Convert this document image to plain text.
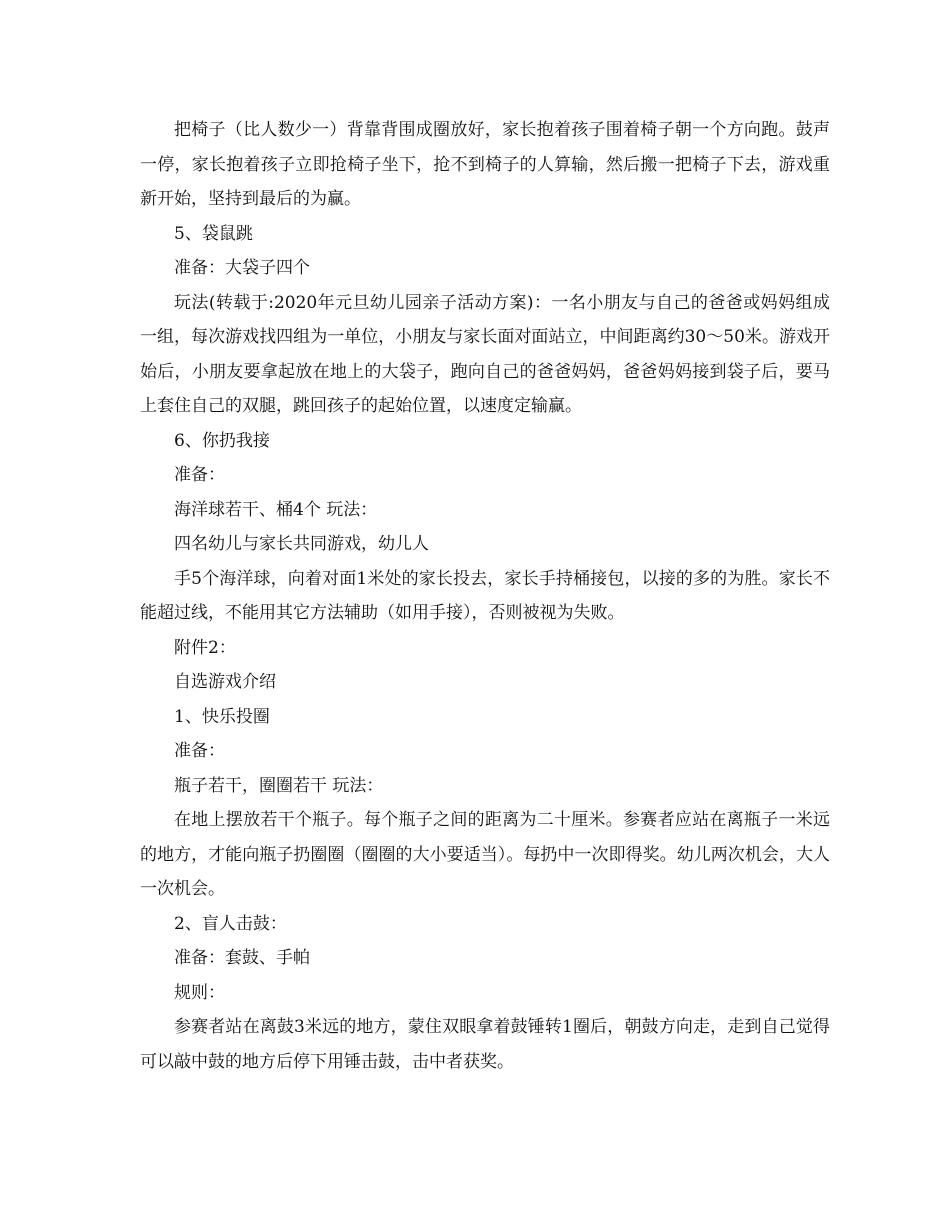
把椅子（比人数少一）背靠背围成圈放好，家长抱着孩子围着椅子朝一个方向跑。鼓声一停，家长抱着孩子立即抢椅子坐下，抢不到椅子的人算输，然后搬一把椅子下去，游戏重新开始，坚持到最后的为赢。

5、袋鼠跳

准备：大袋子四个

玩法(转载于:2020年元旦幼儿园亲子活动方案)：一名小朋友与自己的爸爸或妈妈组成一组，每次游戏找四组为一单位，小朋友与家长面对面站立，中间距离约30～50米。游戏开始后，小朋友要拿起放在地上的大袋子，跑向自己的爸爸妈妈，爸爸妈妈接到袋子后，要马上套住自己的双腿，跳回孩子的起始位置，以速度定输赢。

6、你扔我接

准备：

海洋球若干、桶4个 玩法：

四名幼儿与家长共同游戏，幼儿人

手5个海洋球，向着对面1米处的家长投去，家长手持桶接包，以接的多的为胜。家长不能超过线，不能用其它方法辅助（如用手接），否则被视为失败。

附件2：

自选游戏介绍

1、快乐投圈

准备：

瓶子若干，圈圈若干 玩法：

在地上摆放若干个瓶子。每个瓶子之间的距离为二十厘米。参赛者应站在离瓶子一米远的地方，才能向瓶子扔圈圈（圈圈的大小要适当）。每扔中一次即得奖。幼儿两次机会，大人一次机会。

2、盲人击鼓：

准备：套鼓、手帕

规则：

参赛者站在离鼓3米远的地方，蒙住双眼拿着鼓锤转1圈后，朝鼓方向走，走到自己觉得可以敲中鼓的地方后停下用锤击鼓，击中者获奖。
